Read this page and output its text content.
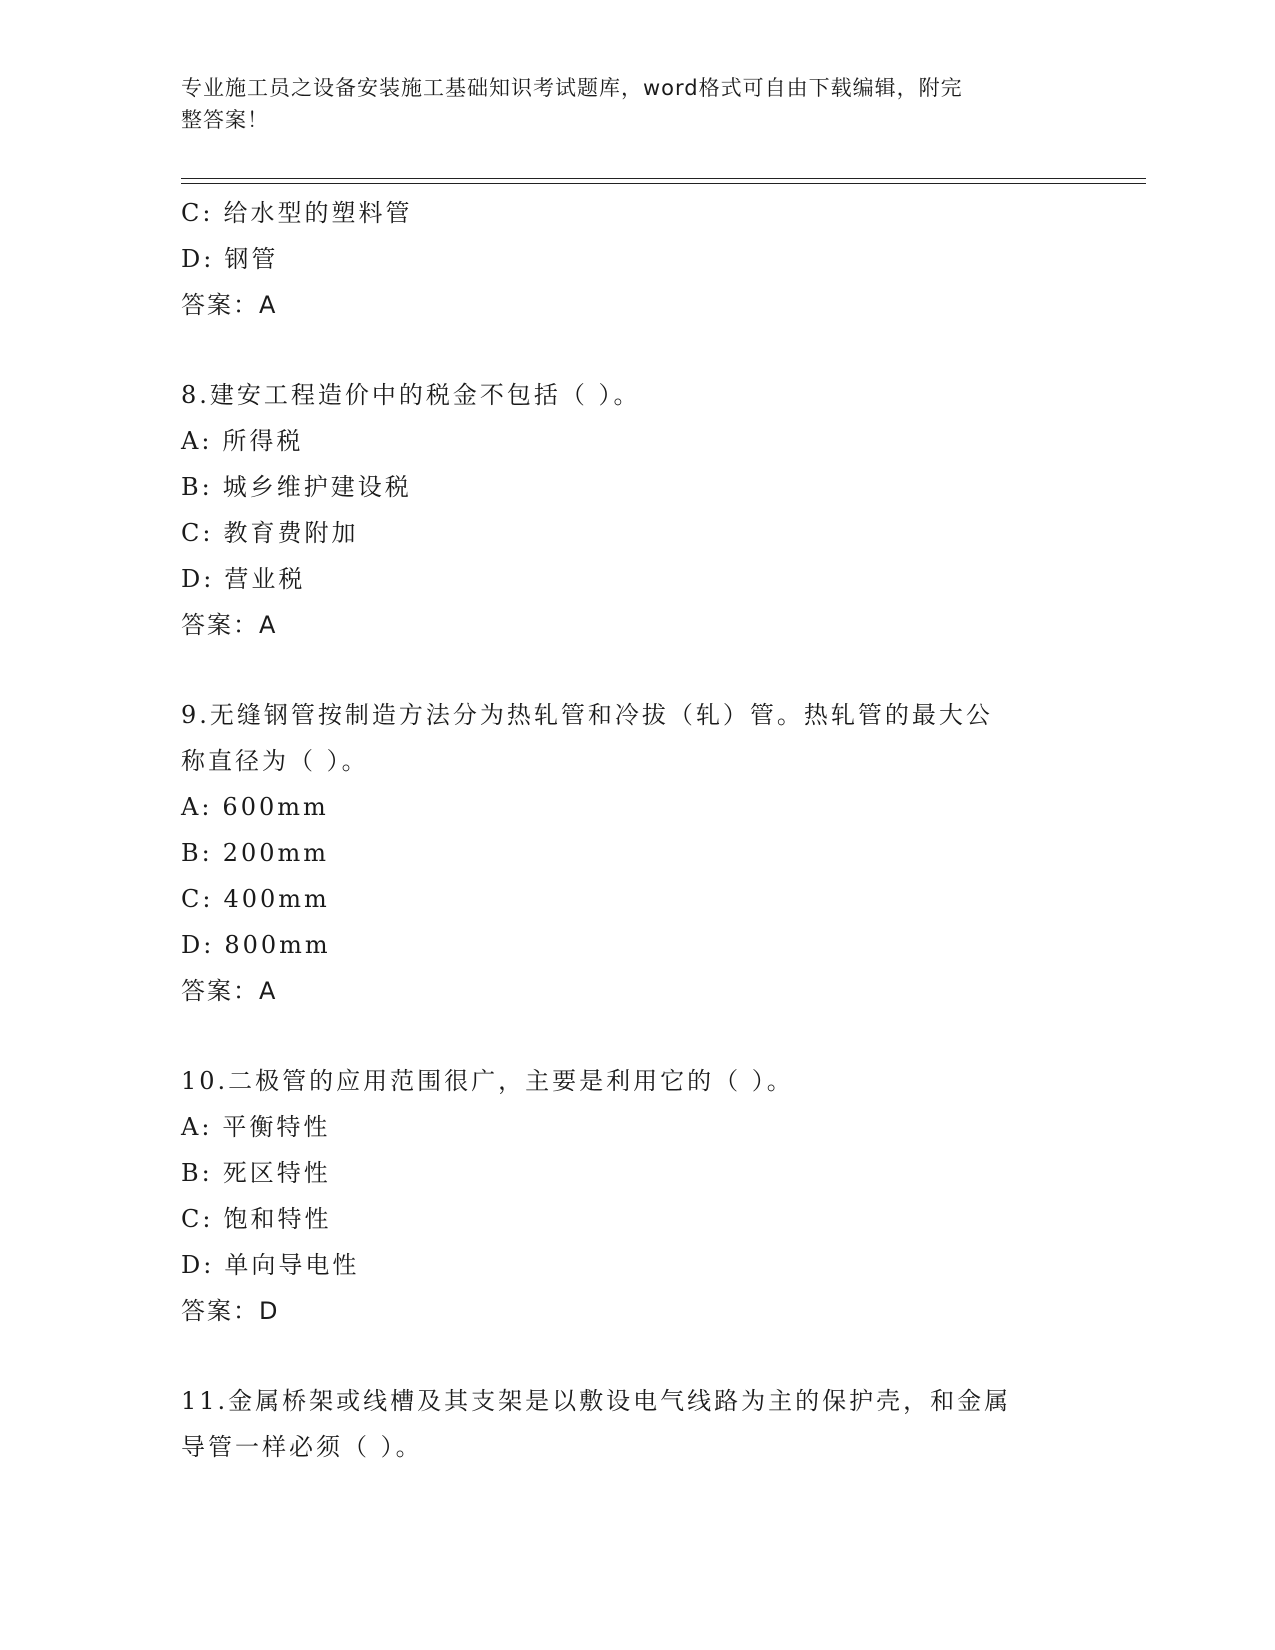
专业施工员之设备安装施工基础知识考试题库，word格式可自由下载编辑，附完
整答案！
C: 给水型的塑料管
D: 钢管
答案：A
8.建安工程造价中的税金不包括（ ）。
A: 所得税
B: 城乡维护建设税
C: 教育费附加
D: 营业税
答案：A
9.无缝钢管按制造方法分为热轧管和冷拔（轧）管。热轧管的最大公
称直径为（ ）。
A: 600mm
B: 200mm
C: 400mm
D: 800mm
答案：A
10.二极管的应用范围很广，主要是利用它的（ ）。
A: 平衡特性
B: 死区特性
C: 饱和特性
D: 单向导电性
答案：D
11.金属桥架或线槽及其支架是以敷设电气线路为主的保护壳，和金属
导管一样必须（ ）。
